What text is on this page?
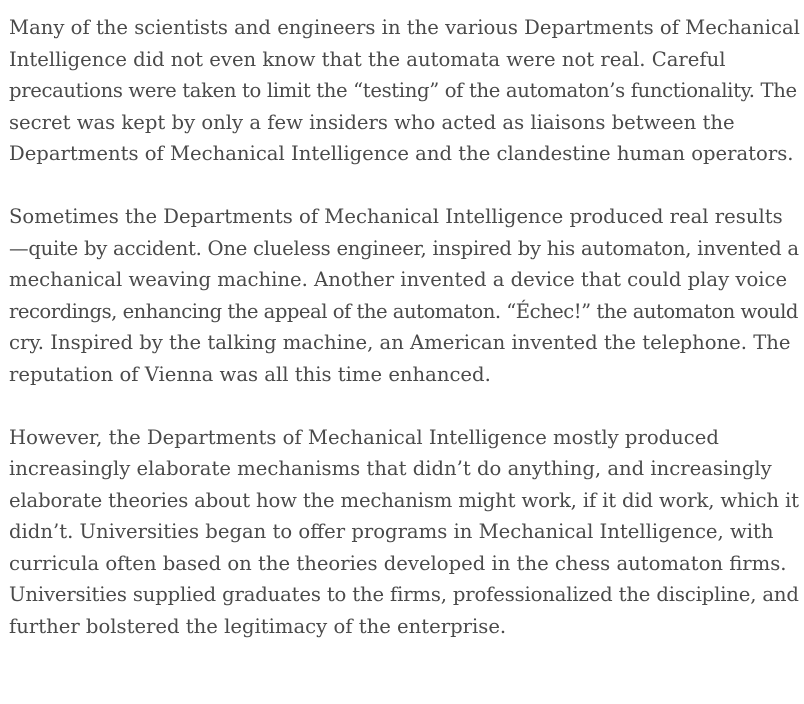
Many of the scientists and engineers in the various Departments of Mechanical
Intelligence did not even know that the automata were not real. Careful
precautions were taken to limit the “testing” of the automaton’s functionality. The
secret was kept by only a few insiders who acted as liaisons between the
Departments of Mechanical Intelligence and the clandestine human operators.

Sometimes the Departments of Mechanical Intelligence produced real results
—quite by accident. One clueless engineer, inspired by his automaton, invented a
mechanical weaving machine. Another invented a device that could play voice
recordings, enhancing the appeal of the automaton. “Échec!” the automaton would
cry. Inspired by the talking machine, an American invented the telephone. The
reputation of Vienna was all this time enhanced.

However, the Departments of Mechanical Intelligence mostly produced
increasingly elaborate mechanisms that didn’t do anything, and increasingly
elaborate theories about how the mechanism might work, if it did work, which it
didn’t. Universities began to offer programs in Mechanical Intelligence, with
curricula often based on the theories developed in the chess automaton firms.
Universities supplied graduates to the firms, professionalized the discipline, and
further bolstered the legitimacy of the enterprise.
